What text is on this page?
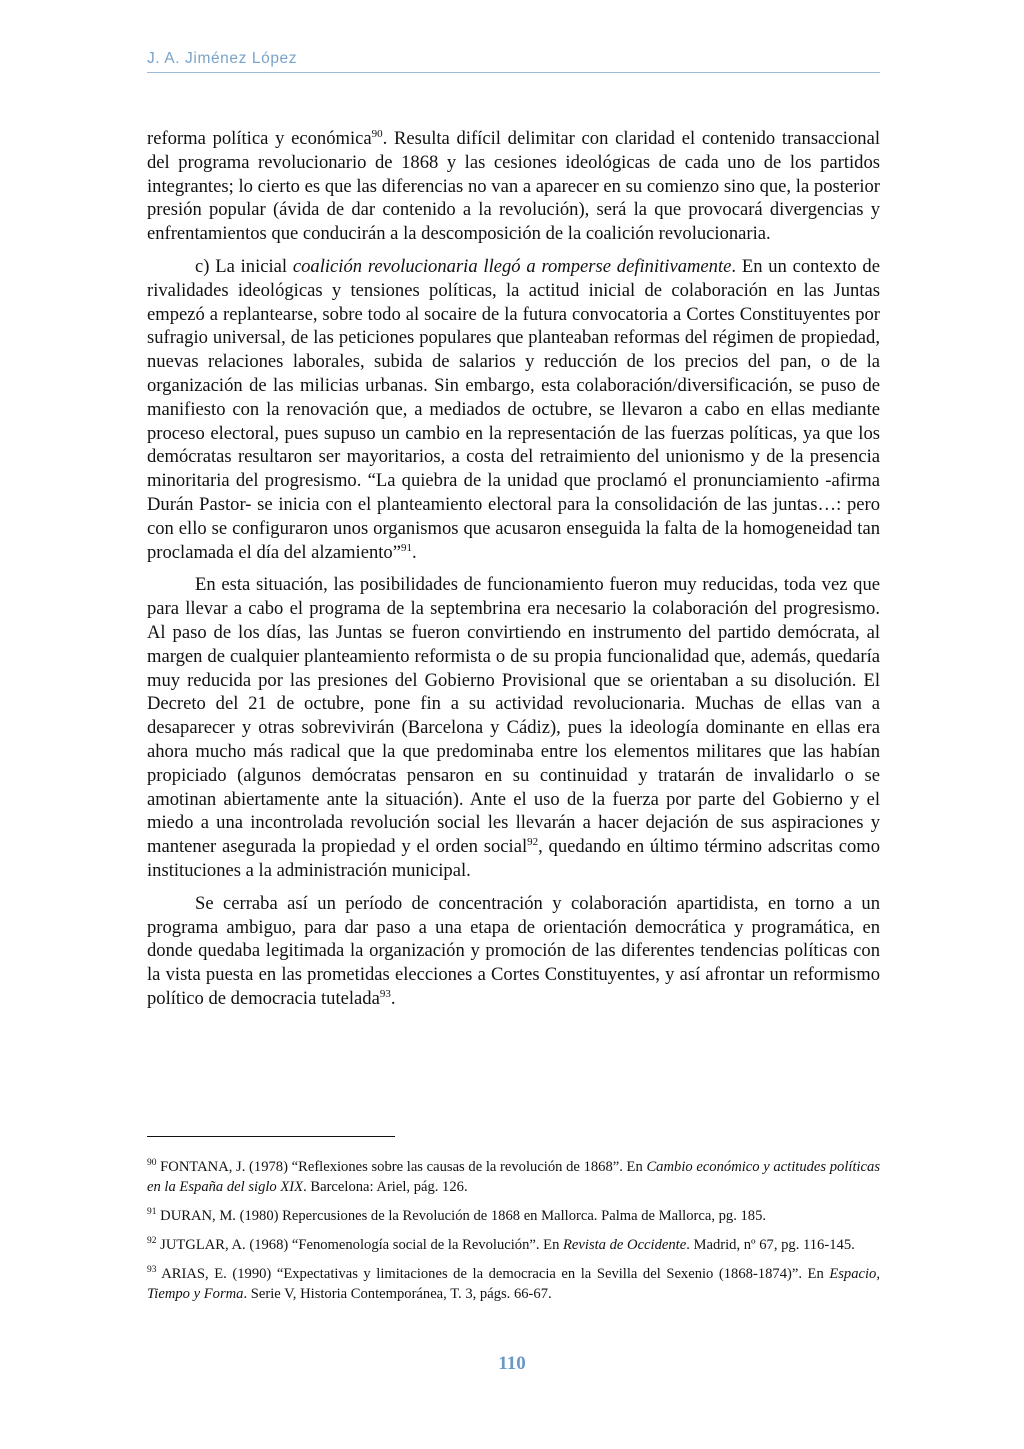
J. A. Jiménez López

reforma política y económica$^{90}$. Resulta difícil delimitar con claridad el contenido transaccional del programa revolucionario de 1868 y las cesiones ideológicas de cada uno de los partidos integrantes; lo cierto es que las diferencias no van a aparecer en su comienzo sino que, la posterior presión popular (ávida de dar contenido a la revolución), será la que provocará divergencias y enfrentamientos que conducirán a la descomposición de la coalición revolucionaria.

c) La inicial coalición revolucionaria llegó a romperse definitivamente. En un contexto de rivalidades ideológicas y tensiones políticas, la actitud inicial de colaboración en las Juntas empezó a replantearse, sobre todo al socaire de la futura convocatoria a Cortes Constituyentes por sufragio universal, de las peticiones populares que planteaban reformas del régimen de propiedad, nuevas relaciones laborales, subida de salarios y reducción de los precios del pan, o de la organización de las milicias urbanas. Sin embargo, esta colaboración/diversificación, se puso de manifiesto con la renovación que, a mediados de octubre, se llevaron a cabo en ellas mediante proceso electoral, pues supuso un cambio en la representación de las fuerzas políticas, ya que los demócratas resultaron ser mayoritarios, a costa del retraimiento del unionismo y de la presencia minoritaria del progresismo. “La quiebra de la unidad que proclamó el pronunciamiento -afirma Durán Pastor- se inicia con el planteamiento electoral para la consolidación de las juntas…: pero con ello se configuraron unos organismos que acusaron enseguida la falta de la homogeneidad tan proclamada el día del alzamiento”$^{91}$.

En esta situación, las posibilidades de funcionamiento fueron muy reducidas, toda vez que para llevar a cabo el programa de la septembrina era necesario la colaboración del progresismo. Al paso de los días, las Juntas se fueron convirtiendo en instrumento del partido demócrata, al margen de cualquier planteamiento reformista o de su propia funcionalidad que, además, quedaría muy reducida por las presiones del Gobierno Provisional que se orientaban a su disolución. El Decreto del 21 de octubre, pone fin a su actividad revolucionaria. Muchas de ellas van a desaparecer y otras sobrevivirán (Barcelona y Cádiz), pues la ideología dominante en ellas era ahora mucho más radical que la que predominaba entre los elementos militares que las habían propiciado (algunos demócratas pensaron en su continuidad y tratarán de invalidarlo o se amotinan abiertamente ante la situación). Ante el uso de la fuerza por parte del Gobierno y el miedo a una incontrolada revolución social les llevarán a hacer dejación de sus aspiraciones y mantener asegurada la propiedad y el orden social$^{92}$, quedando en último término adscritas como instituciones a la administración municipal.

Se cerraba así un período de concentración y colaboración apartidista, en torno a un programa ambiguo, para dar paso a una etapa de orientación democrática y programática, en donde quedaba legitimada la organización y promoción de las diferentes tendencias políticas con la vista puesta en las prometidas elecciones a Cortes Constituyentes, y así afrontar un reformismo político de democracia tutelada$^{93}$.

$^{90}$ FONTANA, J. (1978) “Reflexiones sobre las causas de la revolución de 1868”. En Cambio económico y actitudes políticas en la España del siglo XIX. Barcelona: Ariel, pág. 126.

$^{91}$ DURAN, M. (1980) Repercusiones de la Revolución de 1868 en Mallorca. Palma de Mallorca, pg. 185.

$^{92}$ JUTGLAR, A. (1968) “Fenomenología social de la Revolución”. En Revista de Occidente. Madrid, nº 67, pg. 116-145.

$^{93}$ ARIAS, E. (1990) “Expectativas y limitaciones de la democracia en la Sevilla del Sexenio (1868-1874)”. En Espacio, Tiempo y Forma. Serie V, Historia Contemporánea, T. 3, págs. 66-67.

110
